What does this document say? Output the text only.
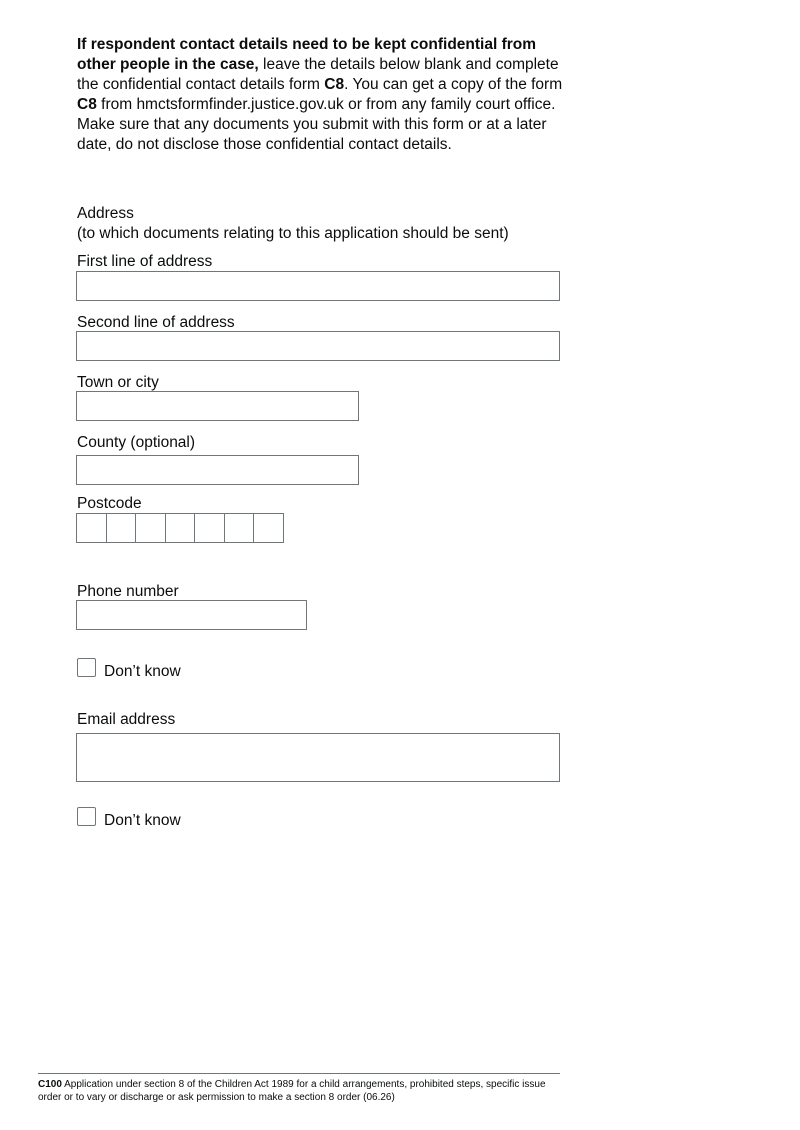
If respondent contact details need to be kept confidential from other people in the case, leave the details below blank and complete the confidential contact details form C8. You can get a copy of the form C8 from hmctsformfinder.justice.gov.uk or from any family court office. Make sure that any documents you submit with this form or at a later date, do not disclose those confidential contact details.

Address
(to which documents relating to this application should be sent)
First line of address
Second line of address
Town or city
County (optional)
Postcode
Phone number
Don’t know
Email address
Don’t know

C100 Application under section 8 of the Children Act 1989 for a child arrangements, prohibited steps, specific issue order or to vary or discharge or ask permission to make a section 8 order (06.26)
